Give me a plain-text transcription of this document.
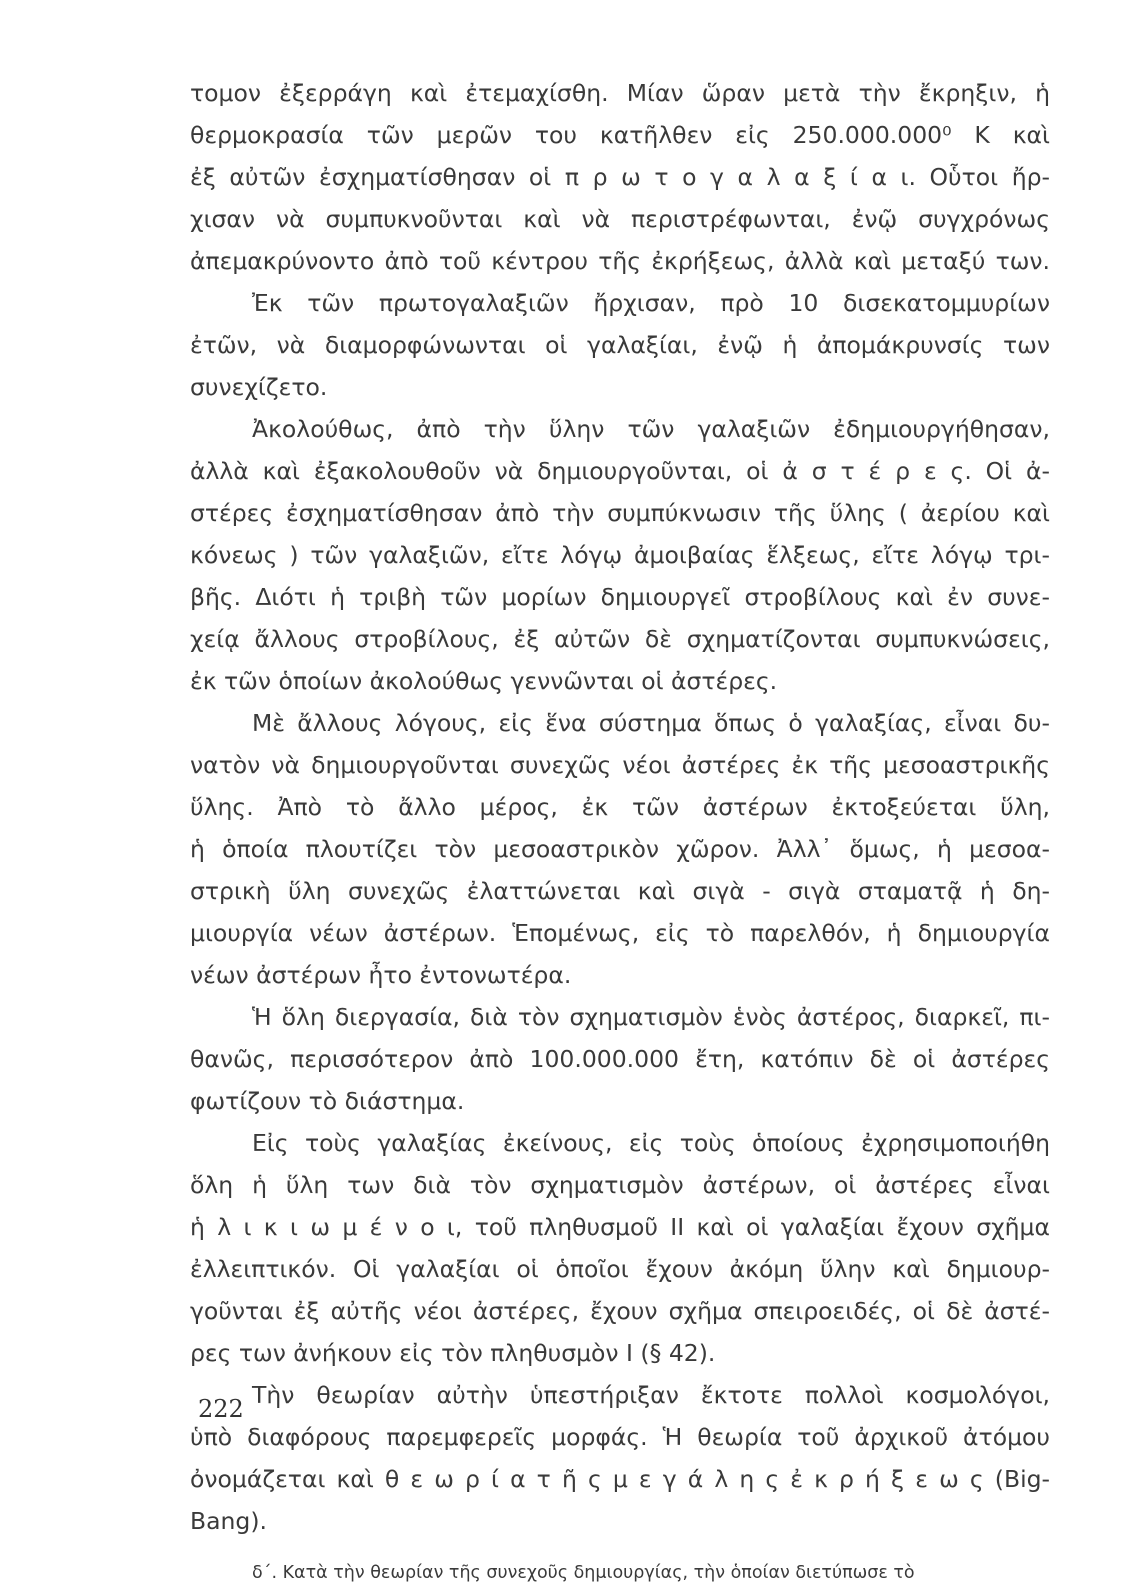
τομον ἐξερράγη καὶ ἐτεμαχίσθη. Μίαν ὥραν μετὰ τὴν ἔκρηξιν, ἡ
θερμοκρασία τῶν μερῶν του κατῆλθεν εἰς 250.000.000⁰ Κ καὶ
ἐξ αὐτῶν ἐσχηματίσθησαν οἱ π ρ ω τ ο γ α λ α ξ ί α ι. Οὗτοι ἤρ-
χισαν νὰ συμπυκνοῦνται καὶ νὰ περιστρέφωνται, ἐνῷ συγχρόνως
ἀπεμακρύνοντο ἀπὸ τοῦ κέντρου τῆς ἐκρήξεως, ἀλλὰ καὶ μεταξύ των.
Ἐκ τῶν πρωτογαλαξιῶν ἤρχισαν, πρὸ 10 δισεκατομμυρίων
ἐτῶν, νὰ διαμορφώνωνται οἱ γαλαξίαι, ἐνῷ ἡ ἀπομάκρυνσίς των
συνεχίζετο.
Ἀκολούθως, ἀπὸ τὴν ὕλην τῶν γαλαξιῶν ἐδημιουργήθησαν,
ἀλλὰ καὶ ἐξακολουθοῦν νὰ δημιουργοῦνται, οἱ ἀ σ τ έ ρ ε ς. Οἱ ἀ-
στέρες ἐσχηματίσθησαν ἀπὸ τὴν συμπύκνωσιν τῆς ὕλης ( ἀερίου καὶ
κόνεως ) τῶν γαλαξιῶν, εἴτε λόγῳ ἀμοιβαίας ἕλξεως, εἴτε λόγῳ τρι-
βῆς. Διότι ἡ τριβὴ τῶν μορίων δημιουργεῖ στροβίλους καὶ ἐν συνε-
χείᾳ ἄλλους στροβίλους, ἐξ αὐτῶν δὲ σχηματίζονται συμπυκνώσεις,
ἐκ τῶν ὁποίων ἀκολούθως γεννῶνται οἱ ἀστέρες.
Μὲ ἄλλους λόγους, εἰς ἕνα σύστημα ὅπως ὁ γαλαξίας, εἶναι δυ-
νατὸν νὰ δημιουργοῦνται συνεχῶς νέοι ἀστέρες ἐκ τῆς μεσοαστρικῆς
ὕλης. Ἀπὸ τὸ ἄλλο μέρος, ἐκ τῶν ἀστέρων ἐκτοξεύεται ὕλη,
ἡ ὁποία πλουτίζει τὸν μεσοαστρικὸν χῶρον. Ἀλλ᾽ ὅμως, ἡ μεσοα-
στρικὴ ὕλη συνεχῶς ἐλαττώνεται καὶ σιγὰ - σιγὰ σταματᾷ ἡ δη-
μιουργία νέων ἀστέρων. Ἑπομένως, εἰς τὸ παρελθόν, ἡ δημιουργία
νέων ἀστέρων ἦτο ἐντονωτέρα.
Ἡ ὅλη διεργασία, διὰ τὸν σχηματισμὸν ἑνὸς ἀστέρος, διαρκεῖ, πι-
θανῶς, περισσότερον ἀπὸ 100.000.000 ἔτη, κατόπιν δὲ οἱ ἀστέρες
φωτίζουν τὸ διάστημα.
Εἰς τοὺς γαλαξίας ἐκείνους, εἰς τοὺς ὁποίους ἐχρησιμοποιήθη
ὅλη ἡ ὕλη των διὰ τὸν σχηματισμὸν ἀστέρων, οἱ ἀστέρες εἶναι
ἡ λ ι κ ι ω μ έ ν ο ι, τοῦ πληθυσμοῦ II καὶ οἱ γαλαξίαι ἔχουν σχῆμα
ἐλλειπτικόν. Οἱ γαλαξίαι οἱ ὁποῖοι ἔχουν ἀκόμη ὕλην καὶ δημιουρ-
γοῦνται ἐξ αὐτῆς νέοι ἀστέρες, ἔχουν σχῆμα σπειροειδές, οἱ δὲ ἀστέ-
ρες των ἀνήκουν εἰς τὸν πληθυσμὸν I (§ 42).
Τὴν θεωρίαν αὐτὴν ὑπεστήριξαν ἔκτοτε πολλοὶ κοσμολόγοι,
ὑπὸ διαφόρους παρεμφερεῖς μορφάς. Ἡ θεωρία τοῦ ἀρχικοῦ ἀτόμου
ὀνομάζεται καὶ θ ε ω ρ ί α τ ῆ ς μ ε γ ά λ η ς ἐ κ ρ ή ξ ε ω ς (Big-
Bang).
δ΄. Κατὰ τὴν θεωρίαν τῆς συνεχοῦς δημιουργίας, τὴν ὁποίαν διετύπωσε τὸ
222
